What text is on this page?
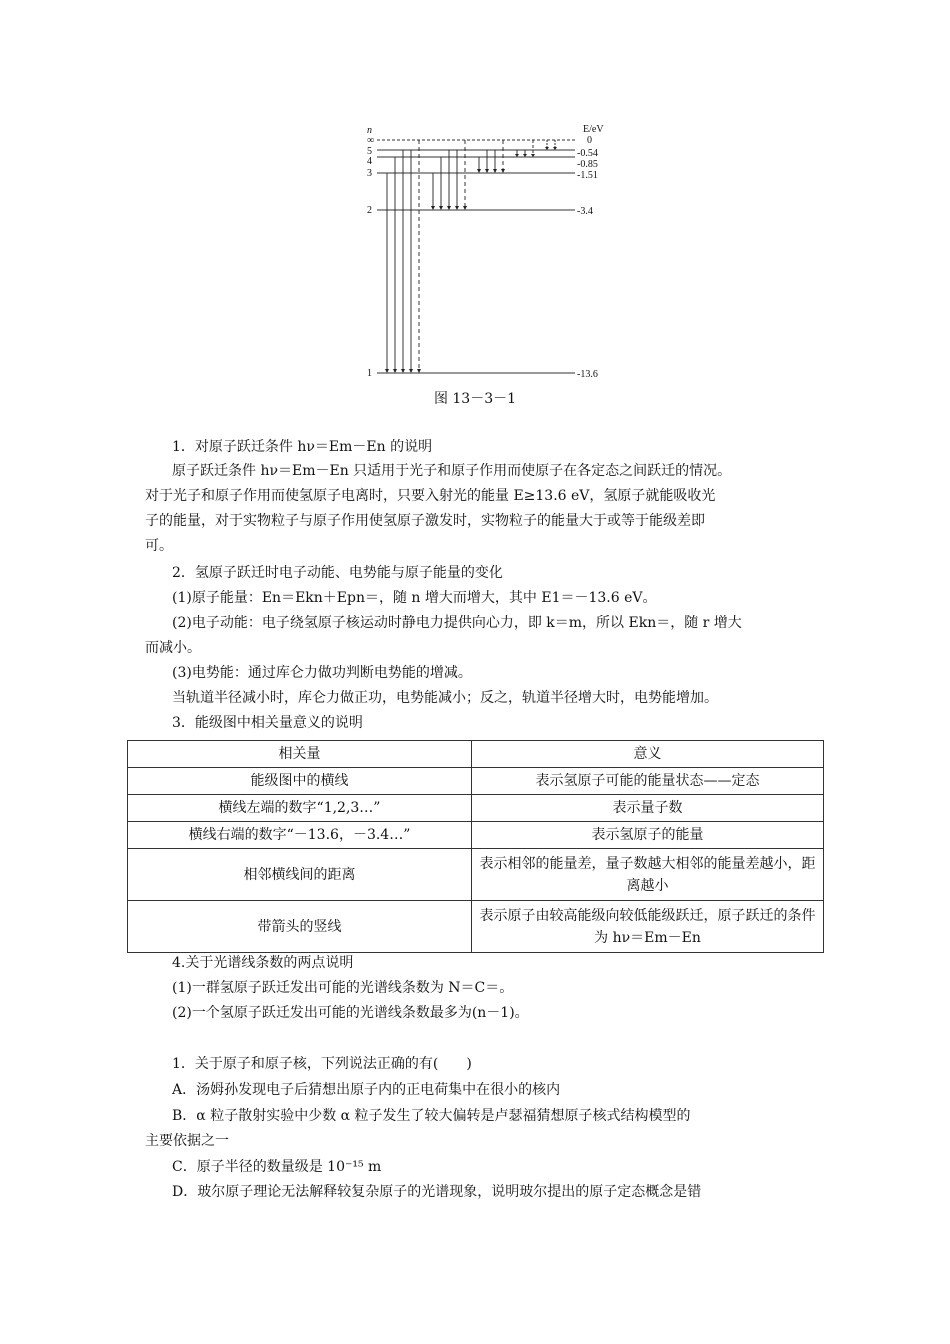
n	E/eV
∞	0
5	-0.54
4	-0.85
3	-1.51
2	-3.4
1	-13.6
图 13－3－1
1．对原子跃迁条件 hν＝Em－En 的说明
原子跃迁条件 hν＝Em－En 只适用于光子和原子作用而使原子在各定态之间跃迁的情况。
对于光子和原子作用而使氢原子电离时，只要入射光的能量 E≥13.6 eV，氢原子就能吸收光
子的能量，对于实物粒子与原子作用使氢原子激发时，实物粒子的能量大于或等于能级差即
可。
2．氢原子跃迁时电子动能、电势能与原子能量的变化
(1)原子能量：En＝Ekn＋Epn＝，随 n 增大而增大，其中 E1＝－13.6 eV。
(2)电子动能：电子绕氢原子核运动时静电力提供向心力，即 k＝m，所以 Ekn＝，随 r 增大
而减小。
(3)电势能：通过库仑力做功判断电势能的增减。
当轨道半径减小时，库仑力做正功，电势能减小；反之，轨道半径增大时，电势能增加。
3．能级图中相关量意义的说明
相关量	意义
能级图中的横线	表示氢原子可能的能量状态——定态
横线左端的数字“1,2,3…”	表示量子数
横线右端的数字“－13.6，－3.4…”	表示氢原子的能量
相邻横线间的距离	表示相邻的能量差，量子数越大相邻的能量差越小，距离越小
带箭头的竖线	表示原子由较高能级向较低能级跃迁，原子跃迁的条件为 hν＝Em－En
4.关于光谱线条数的两点说明
(1)一群氢原子跃迁发出可能的光谱线条数为 N＝C＝。
(2)一个氢原子跃迁发出可能的光谱线条数最多为(n－1)。
1．关于原子和原子核，下列说法正确的有(　　)
A．汤姆孙发现电子后猜想出原子内的正电荷集中在很小的核内
B．α 粒子散射实验中少数 α 粒子发生了较大偏转是卢瑟福猜想原子核式结构模型的
主要依据之一
C．原子半径的数量级是 10⁻¹⁵ m
D．玻尔原子理论无法解释较复杂原子的光谱现象，说明玻尔提出的原子定态概念是错
